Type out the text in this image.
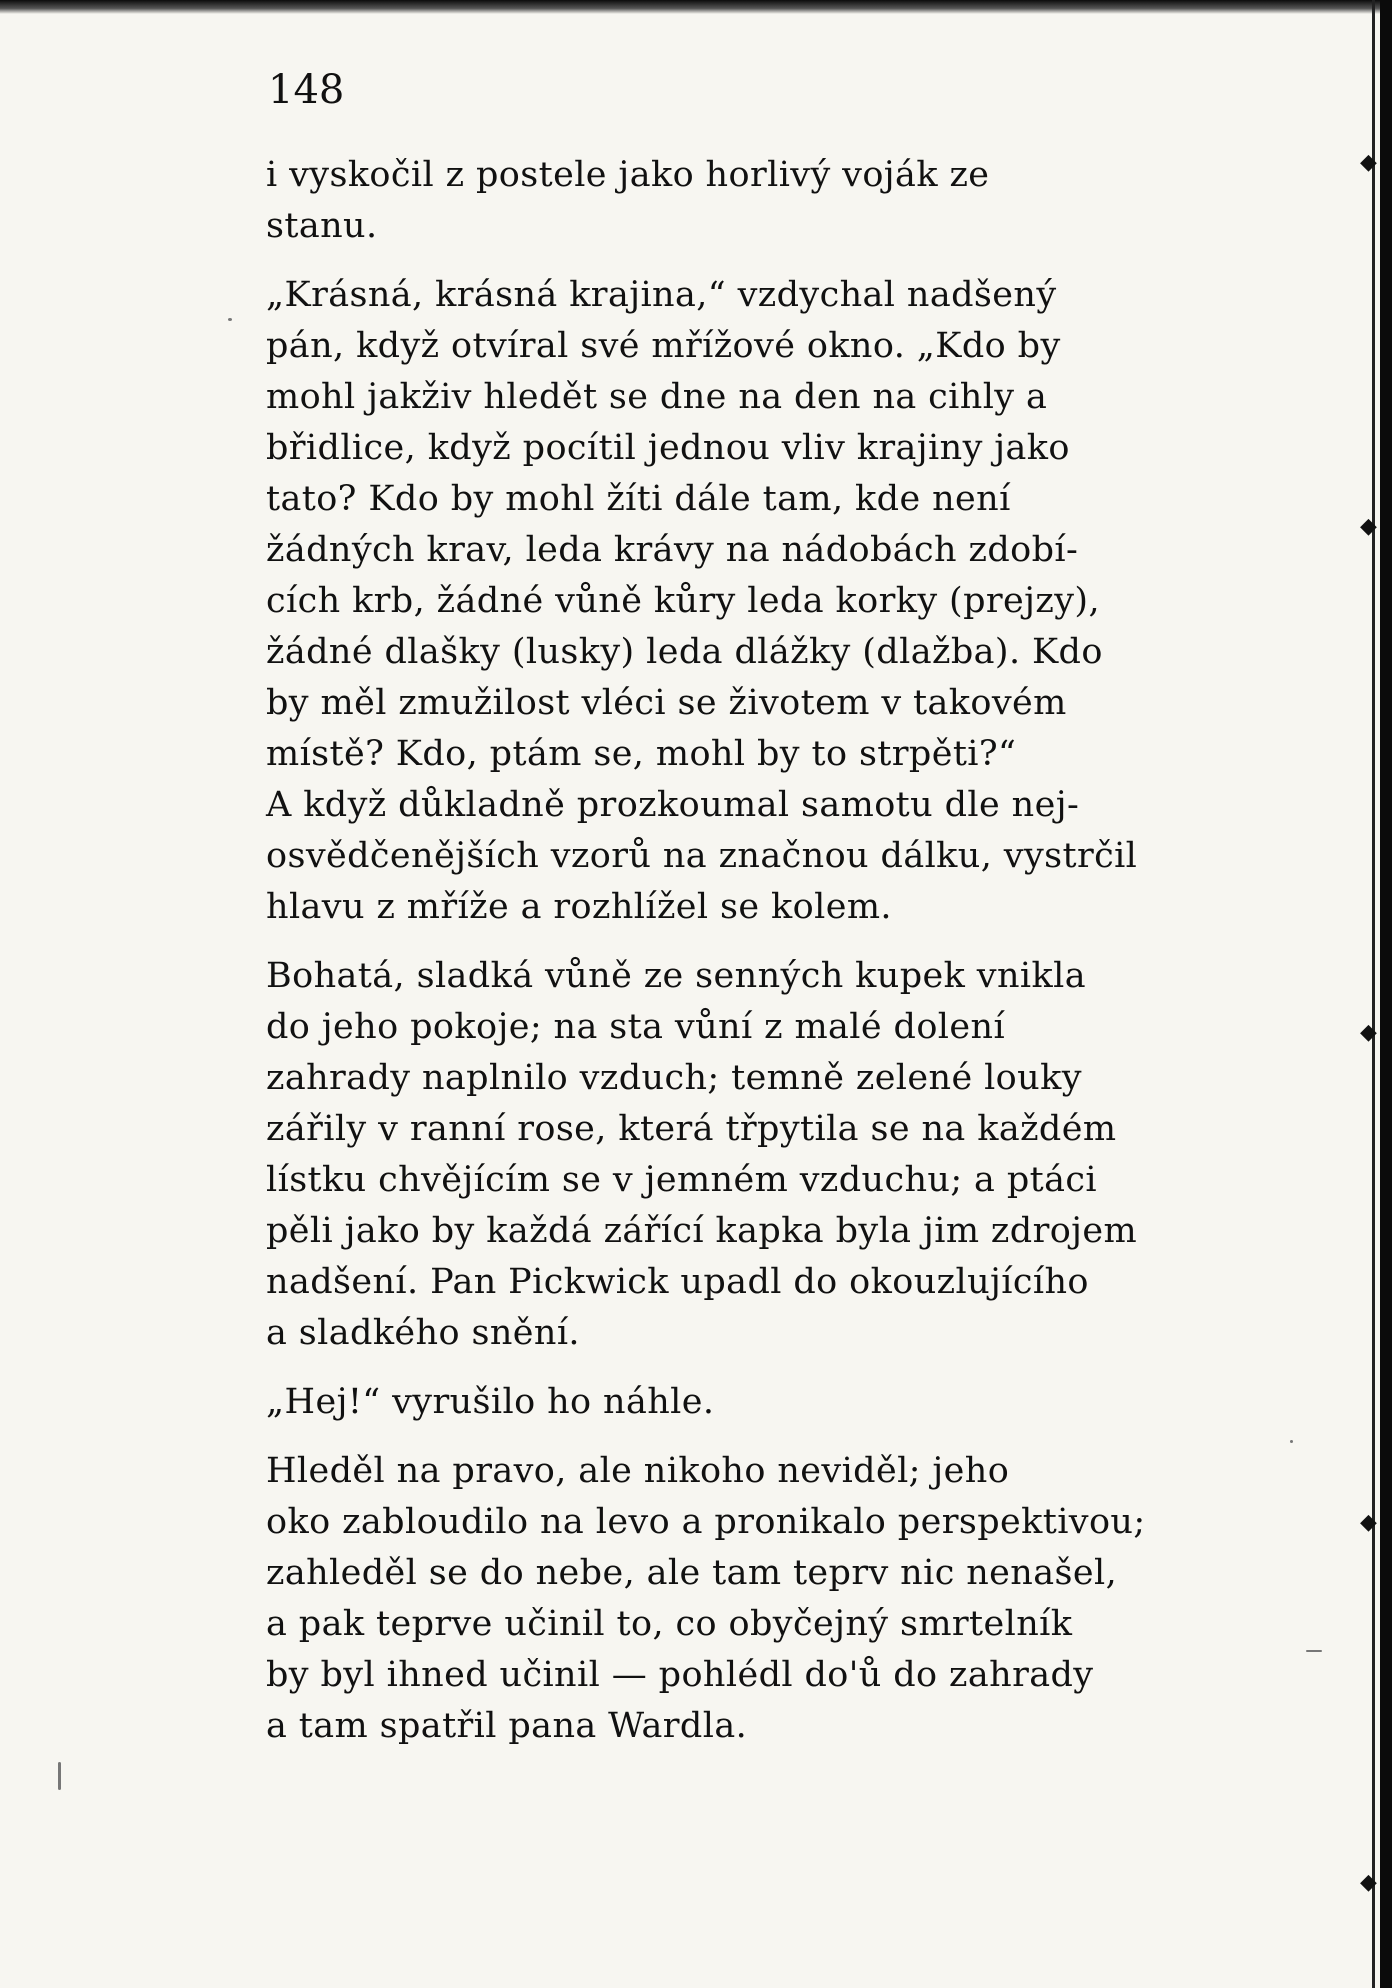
◆
◆
◆
◆
◆
148

i vyskočil z postele jako horlivý voják ze
stanu.

„Krásná, krásná krajina,“ vzdychal nadšený
pán, když otvíral své mřížové okno. „Kdo by
mohl jakživ hledět se dne na den na cihly a
břidlice, když pocítil jednou vliv krajiny jako
tato? Kdo by mohl žíti dále tam, kde není
žádných krav, leda krávy na nádobách zdobí-
cích krb, žádné vůně kůry leda korky (prejzy),
žádné dlašky (lusky) leda dlážky (dlažba). Kdo
by měl zmužilost vléci se životem v takovém
místě? Kdo, ptám se, mohl by to strpěti?“
A když důkladně prozkoumal samotu dle nej-
osvědčenějších vzorů na značnou dálku, vystrčil
hlavu z mříže a rozhlížel se kolem.

Bohatá, sladká vůně ze senných kupek vnikla
do jeho pokoje; na sta vůní z malé dolení
zahrady naplnilo vzduch; temně zelené louky
zářily v ranní rose, která třpytila se na každém
lístku chvějícím se v jemném vzduchu; a ptáci
pěli jako by každá zářící kapka byla jim zdrojem
nadšení. Pan Pickwick upadl do okouzlujícího
a sladkého snění.

„Hej!“ vyrušilo ho náhle.

Hleděl na pravo, ale nikoho neviděl; jeho
oko zabloudilo na levo a pronikalo perspektivou;
zahleděl se do nebe, ale tam teprv nic nenašel,
a pak teprve učinil to, co obyčejný smrtelník
by byl ihned učinil — pohlédl do'ů do zahrady
a tam spatřil pana Wardla.
